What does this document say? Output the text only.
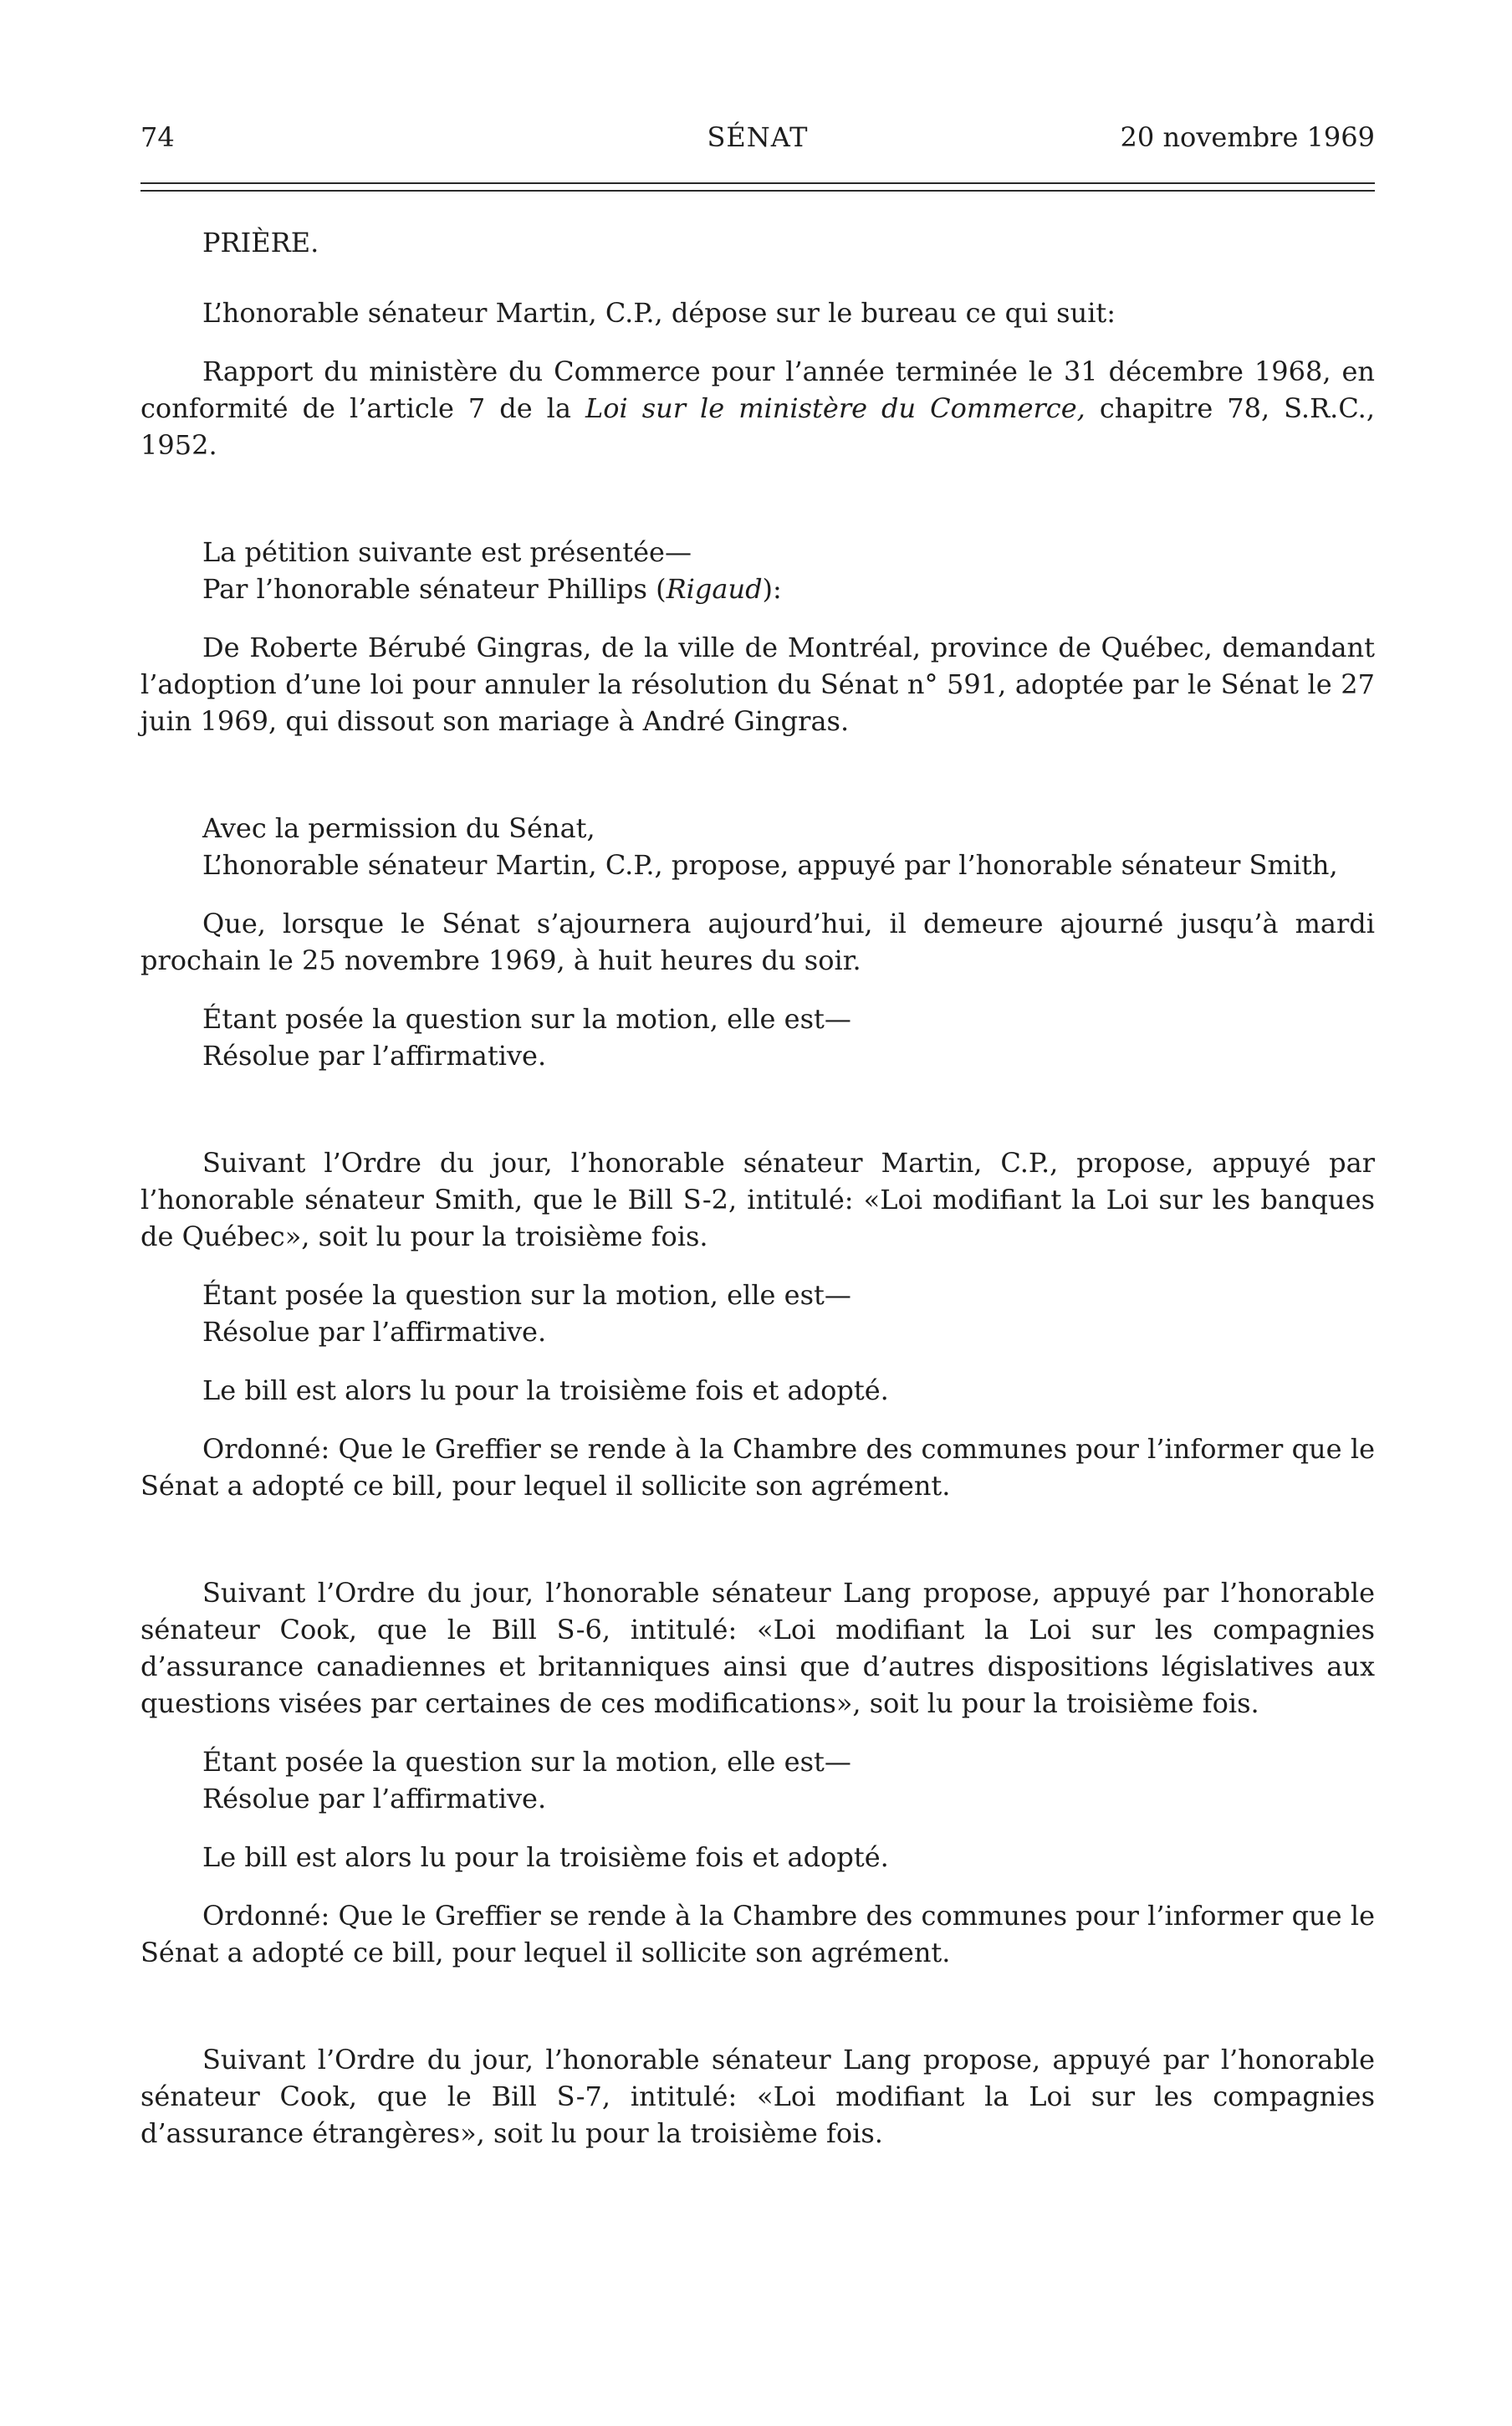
74	SÉNAT	20 novembre 1969

PRIÈRE.

L’honorable sénateur Martin, C.P., dépose sur le bureau ce qui suit:

Rapport du ministère du Commerce pour l’année terminée le 31 décembre 1968, en conformité de l’article 7 de la Loi sur le ministère du Commerce, chapitre 78, S.R.C., 1952.

La pétition suivante est présentée—

Par l’honorable sénateur Phillips (Rigaud):

De Roberte Bérubé Gingras, de la ville de Montréal, province de Québec, demandant l’adoption d’une loi pour annuler la résolution du Sénat n° 591, adoptée par le Sénat le 27 juin 1969, qui dissout son mariage à André Gingras.

Avec la permission du Sénat,

L’honorable sénateur Martin, C.P., propose, appuyé par l’honorable sénateur Smith,

Que, lorsque le Sénat s’ajournera aujourd’hui, il demeure ajourné jusqu’à mardi prochain le 25 novembre 1969, à huit heures du soir.

Étant posée la question sur la motion, elle est—

Résolue par l’affirmative.

Suivant l’Ordre du jour, l’honorable sénateur Martin, C.P., propose, appuyé par l’honorable sénateur Smith, que le Bill S-2, intitulé: «Loi modifiant la Loi sur les banques de Québec», soit lu pour la troisième fois.

Étant posée la question sur la motion, elle est—

Résolue par l’affirmative.

Le bill est alors lu pour la troisième fois et adopté.

Ordonné: Que le Greffier se rende à la Chambre des communes pour l’informer que le Sénat a adopté ce bill, pour lequel il sollicite son agrément.

Suivant l’Ordre du jour, l’honorable sénateur Lang propose, appuyé par l’honorable sénateur Cook, que le Bill S-6, intitulé: «Loi modifiant la Loi sur les compagnies d’assurance canadiennes et britanniques ainsi que d’autres dispositions législatives aux questions visées par certaines de ces modifications», soit lu pour la troisième fois.

Étant posée la question sur la motion, elle est—

Résolue par l’affirmative.

Le bill est alors lu pour la troisième fois et adopté.

Ordonné: Que le Greffier se rende à la Chambre des communes pour l’informer que le Sénat a adopté ce bill, pour lequel il sollicite son agrément.

Suivant l’Ordre du jour, l’honorable sénateur Lang propose, appuyé par l’honorable sénateur Cook, que le Bill S-7, intitulé: «Loi modifiant la Loi sur les compagnies d’assurance étrangères», soit lu pour la troisième fois.
